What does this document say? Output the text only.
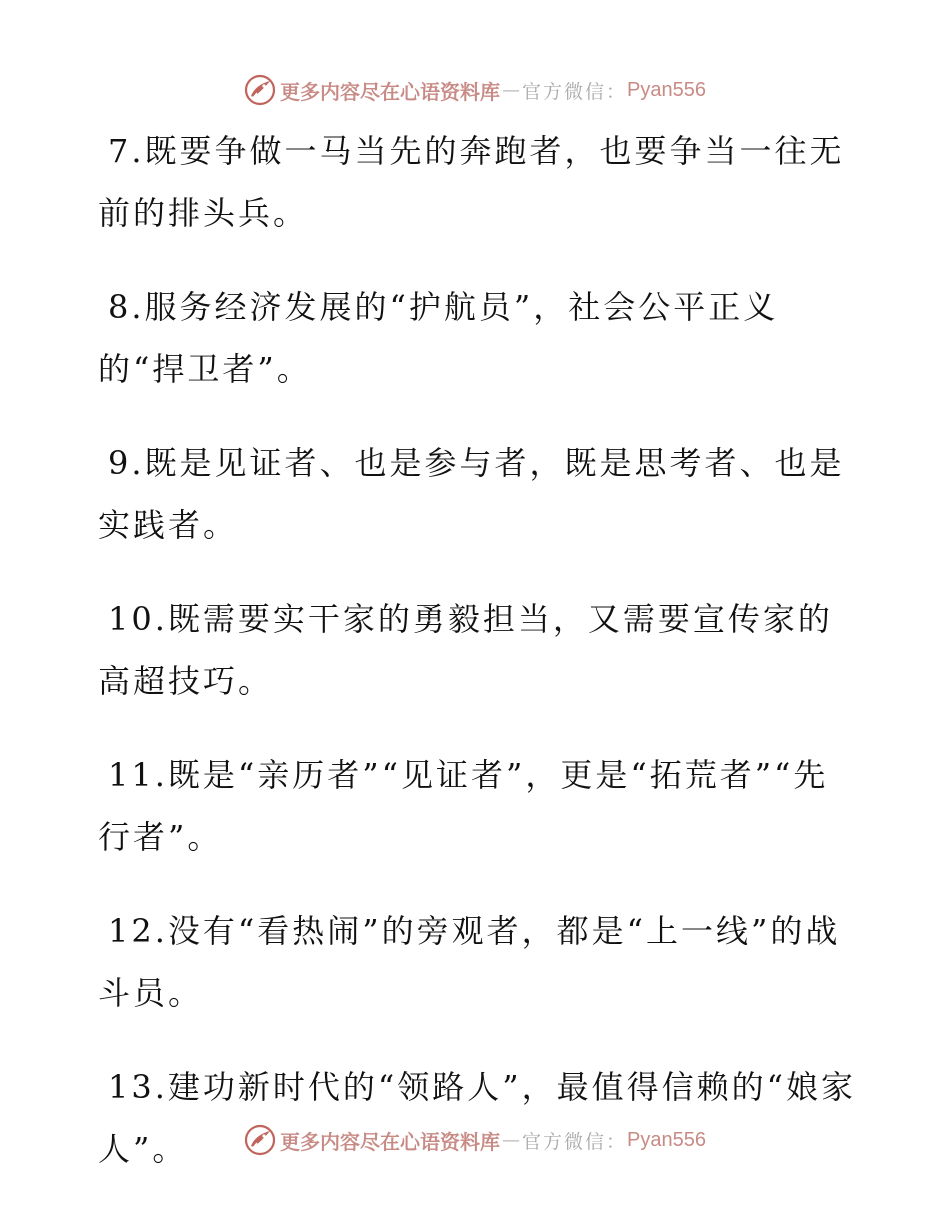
更多内容尽在心语资料库 — 官方微信： Pyan556

7.既要争做一马当先的奔跑者，也要争当一往无前的排头兵。

8.服务经济发展的“护航员”，社会公平正义的“捍卫者”。

9.既是见证者、也是参与者，既是思考者、也是实践者。

10.既需要实干家的勇毅担当，又需要宣传家的高超技巧。

11.既是“亲历者”“见证者”，更是“拓荒者”“先行者”。

12.没有“看热闹”的旁观者，都是“上一线”的战斗员。

13.建功新时代的“领路人”，最值得信赖的“娘家人”。	更多内容尽在心语资料库 — 官方微信： Pyan556
